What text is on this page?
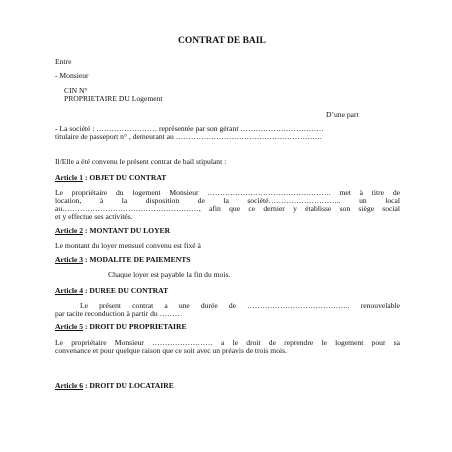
CONTRAT DE BAIL
Entre
- Monsieur
CIN N°
PROPRIETAIRE DU Logement
D’une part
- La société : …………………… représentée par son gérant ……………………………
titulaire de passeport n° , demeurant au ………………………………………………….
Il/Elle a été convenu le présent contrat de bail stipulant :
Article 1 : OBJET DU CONTRAT
Le propriétaire du logement Monsieur …………………………………………. met à titre de
location, à la disposition de la société……………………….. un local
au………………………………………………, afin que ce dernier y établisse son siège social
et y effectue ses activités.
Article 2 : MONTANT DU LOYER
Le montant du loyer mensuel convenu est fixé à
Article 3 : MODALITE DE PAIEMENTS
Chaque loyer est payable la fin du mois.
Article 4 : DUREE DU CONTRAT
Le présent contrat a une durée de ………………………………….. renouvelable
par tacite reconduction à partir du ………
Article 5 : DROIT DU PROPRIETAIRE
Le propriétaire Monsieur …………………… a le droit de reprendre le logement pour sa
convenance et pour quelque raison que ce soit avec un préavis de trois mois.
Article 6 : DROIT DU LOCATAIRE
